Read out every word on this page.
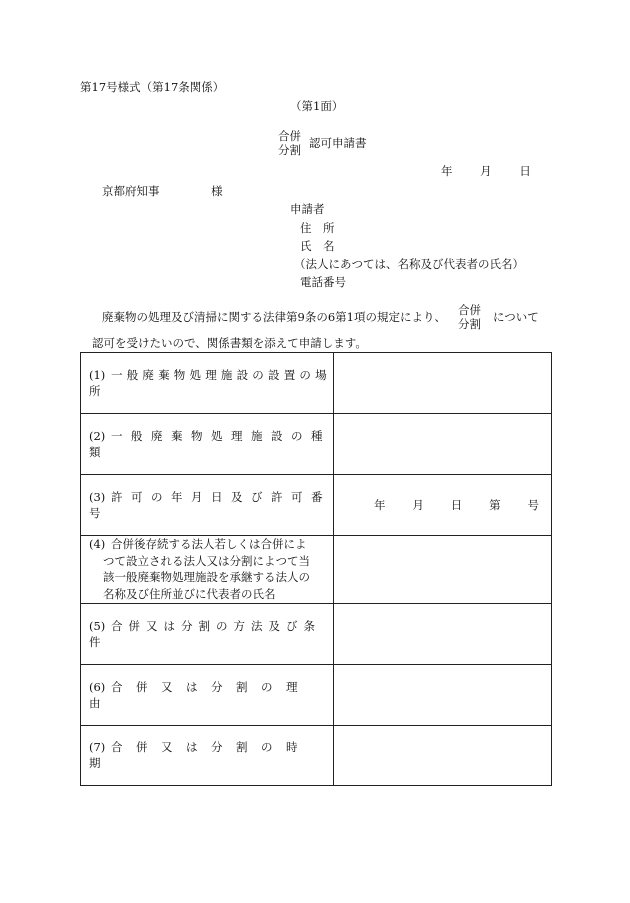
第17号様式（第17条関係）
（第1面）
合併
分割 認可申請書
年 月 日
京都府知事	様
申請者
住　所
氏　名
（法人にあつては、名称及び代表者の氏名）
電話番号
廃棄物の処理及び清掃に関する法律第9条の6第1項の規定により、
合併
分割 について
認可を受けたいので、関係書類を添えて申請します。
(1) 一般廃棄物処理施設の設置の場所	
(2) 一般廃棄物処理施設の種類	
(3) 許可の年月日及び許可番号	年 月 日 第 号

(4) 合併後存続する法人若しくは合併によ
つて設立される法人又は分割によつて当
該一般廃棄物処理施設を承継する法人の
名称及び住所並びに代表者の氏名	

(5) 合併又は分割の方法及び条件	
(6) 合併又は分割の理由	
(7) 合併又は分割の時期	
